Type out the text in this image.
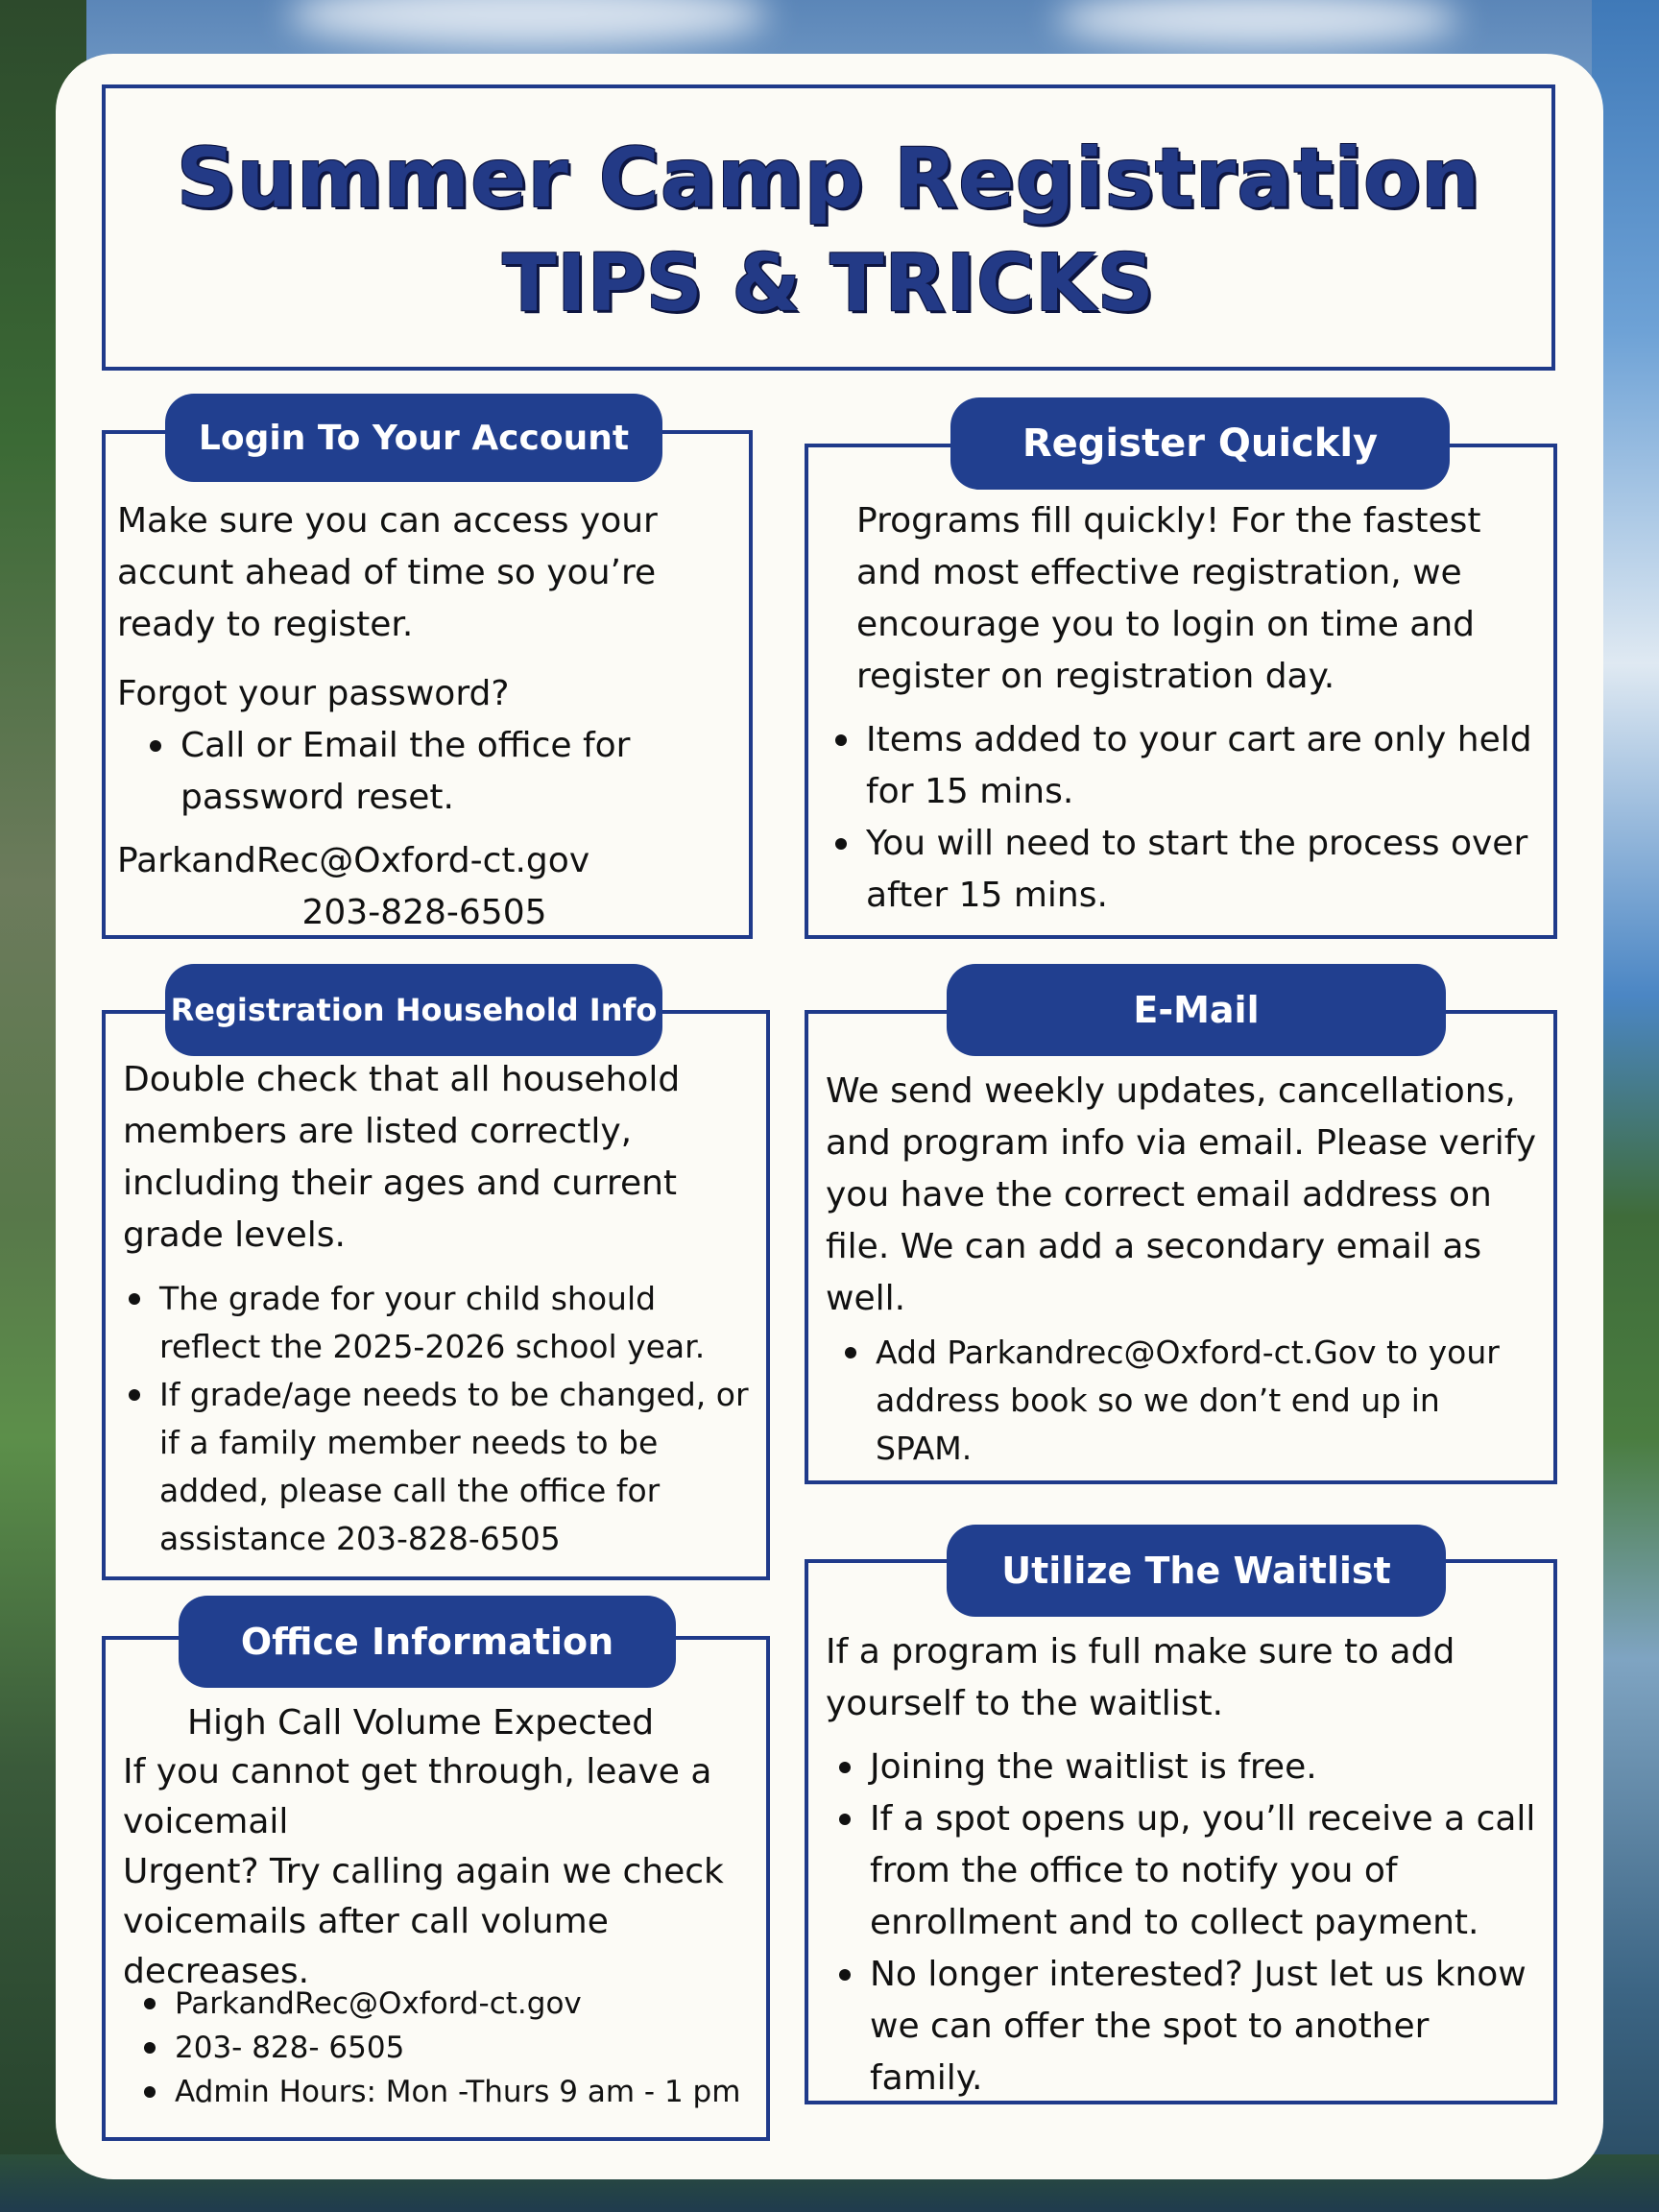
Summer Camp Registration
TIPS & TRICKS
Login To Your Account

Make sure you can access your accunt ahead of time so you’re ready to register.

Forgot your password?

Call or Email the office for password reset.

ParkandRec@Oxford-ct.gov

203-828-6505

Register Quickly

Programs fill quickly! For the fastest and most effective registration, we encourage you to login on time and register on registration day.

Items added to your cart are only held for 15 mins.
You will need to start the process over after 15 mins.
Registration Household Info

Double check that all household members are listed correctly, including their ages and current grade levels.

The grade for your child should reflect the 2025-2026 school year.
If grade/age needs to be changed, or if a family member needs to be added, please call the office for assistance 203-828-6505
E-Mail

We send weekly updates, cancellations, and program info via email. Please verify you have the correct email address on file. We can add a secondary email as well.

Add Parkandrec@Oxford-ct.Gov to your address book so we don’t end up in SPAM.
Office Information

High Call Volume Expected

If you cannot get through, leave a voicemail

Urgent? Try calling again we check voicemails after call volume decreases.

ParkandRec@Oxford-ct.gov
203- 828- 6505
Admin Hours: Mon -Thurs 9 am - 1 pm
Utilize The Waitlist

If a program is full make sure to add yourself to the waitlist.

Joining the waitlist is free.
If a spot opens up, you’ll receive a call from the office to notify you of enrollment and to collect payment.
No longer interested? Just let us know we can offer the spot to another family.
